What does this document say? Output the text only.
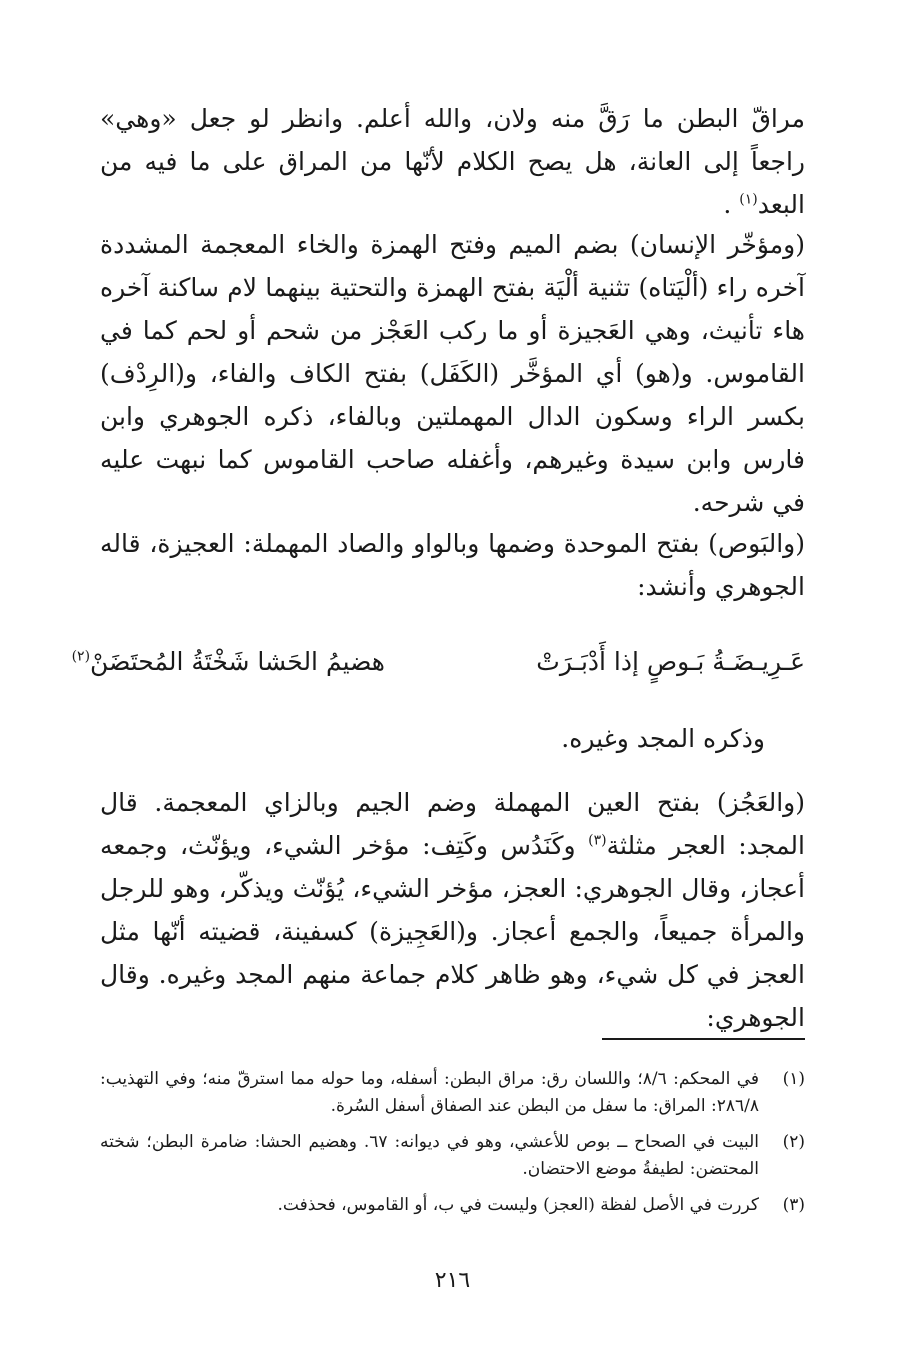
مراقّ البطن ما رَقَّ منه ولان، والله أعلم. وانظر لو جعل «وهي» راجعاً إلى العانة، هل يصح الكلام لأنّها من المراق على ما فيه من البعد$^{(١)}$ .

(ومؤخّر الإنسان) بضم الميم وفتح الهمزة والخاء المعجمة المشددة آخره راء (ألْيَتاه) تثنية ألْيَة بفتح الهمزة والتحتية بينهما لام ساكنة آخره هاء تأنيث، وهي العَجيزة أو ما ركب العَجْز من شحم أو لحم كما في القاموس. و(هو) أي المؤخَّر (الكَفَل) بفتح الكاف والفاء، و(الرِدْف) بكسر الراء وسكون الدال المهملتين وبالفاء، ذكره الجوهري وابن فارس وابن سيدة وغيرهم، وأغفله صاحب القاموس كما نبهت عليه في شرحه.

(والبَوص) بفتح الموحدة وضمها وبالواو والصاد المهملة: العجيزة، قاله الجوهري وأنشد:

عَـرِيـضَـةُ بَـوصٍ إذا أَدْبَـرَتْ
هضيمُ الحَشا شَخْتَةُ المُحتَضَنْ$^{(٢)}$

وذكره المجد وغيره.

(والعَجُز) بفتح العين المهملة وضم الجيم وبالزاي المعجمة. قال المجد: العجر مثلثة$^{(٣)}$ وكَنَدُس وكَتِف: مؤخر الشيء، ويؤنّث، وجمعه أعجاز، وقال الجوهري: العجز، مؤخر الشيء، يُؤنّث ويذكّر، وهو للرجل والمرأة جميعاً، والجمع أعجاز. و(العَجِيزة) كسفينة، قضيته أنّها مثل العجز في كل شيء، وهو ظاهر كلام جماعة منهم المجد وغيره. وقال الجوهري:

(١)
في المحكم: ٨/٦؛ واللسان رق: مراق البطن: أسفله، وما حوله مما استرقّ منه؛ وفي التهذيب: ٢٨٦/٨: المراق: ما سفل من البطن عند الصفاق أسفل السُرة.
(٢)
البيت في الصحاح ــ بوص للأعشي، وهو في ديوانه: ٦٧. وهضيم الحشا: ضامرة البطن؛ شخته المحتضن: لطيفةُ موضع الاحتضان.
(٣)
كررت في الأصل لفظة (العجز) وليست في ب، أو القاموس، فحذفت.
٢١٦
